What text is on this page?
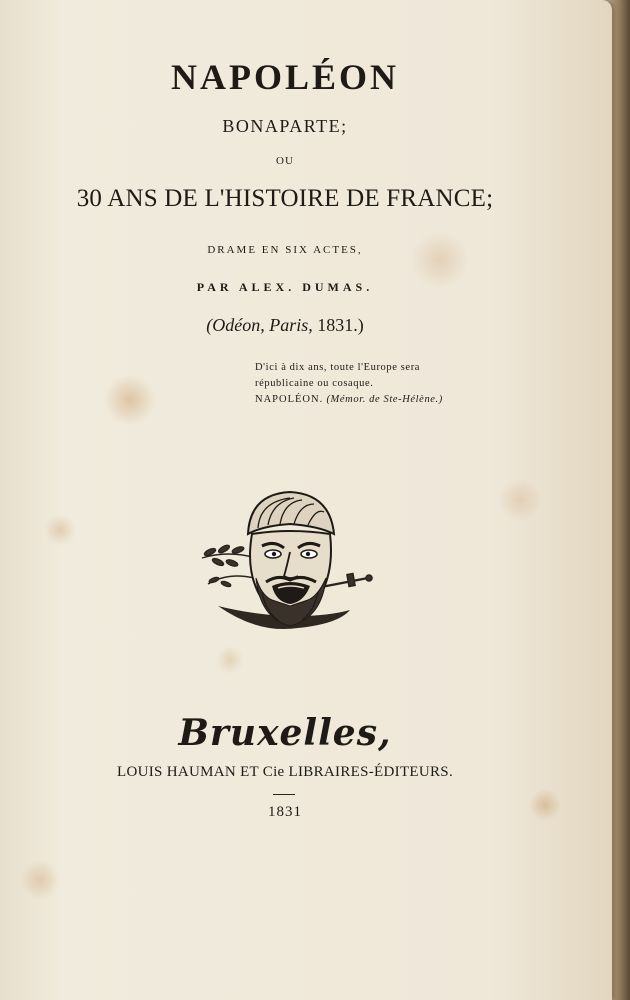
NAPOLÉON
BONAPARTE;
OU
30 ANS DE L'HISTOIRE DE FRANCE;
DRAME EN SIX ACTES,
PAR ALEX. DUMAS.
(Odéon, Paris, 1831.)
D'ici à dix ans, toute l'Europe sera
républicaine ou cosaque.
NAPOLÉON. (Mémor. de Ste-Hélène.)
Bruxelles,
LOUIS HAUMAN ET Cie LIBRAIRES-ÉDITEURS.
1831
